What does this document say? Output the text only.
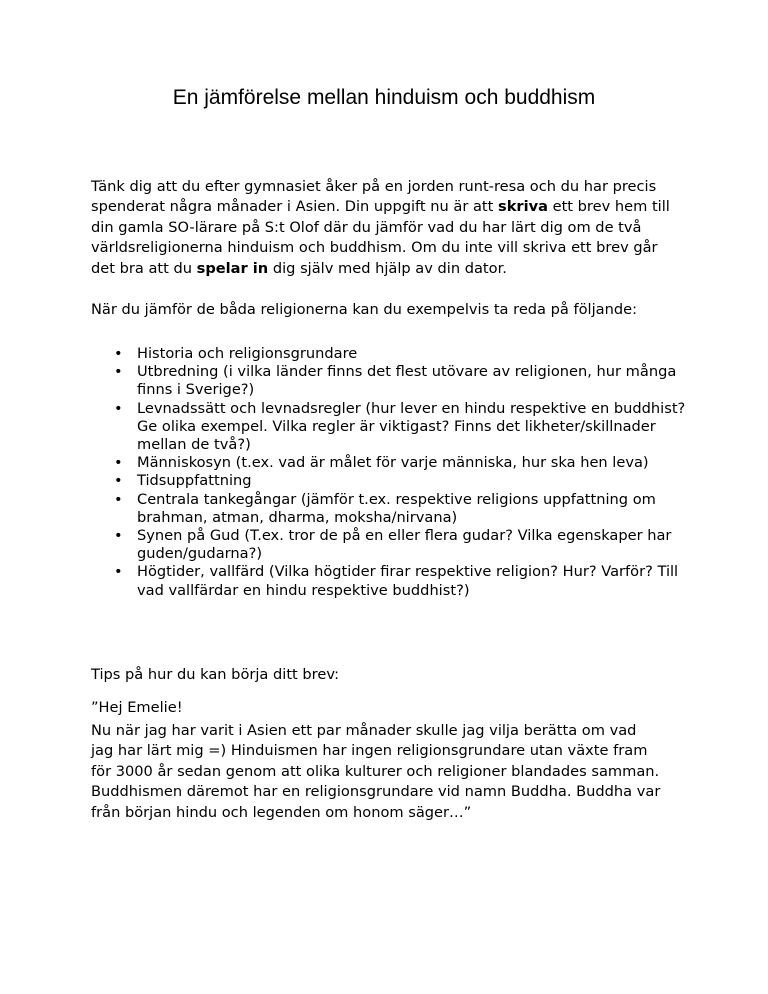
En jämförelse mellan hinduism och buddhism

Tänk dig att du efter gymnasiet åker på en jorden runt-resa och du har precis spenderat några månader i Asien. Din uppgift nu är att skriva ett brev hem till din gamla SO-lärare på S:t Olof där du jämför vad du har lärt dig om de två världsreligionerna hinduism och buddhism. Om du inte vill skriva ett brev går det bra att du spelar in dig själv med hjälp av din dator.

När du jämför de båda religionerna kan du exempelvis ta reda på följande:

• Historia och religionsgrundare
• Utbredning (i vilka länder finns det flest utövare av religionen, hur många finns i Sverige?)
• Levnadssätt och levnadsregler (hur lever en hindu respektive en buddhist? Ge olika exempel. Vilka regler är viktigast? Finns det likheter/skillnader mellan de två?)
• Människosyn (t.ex. vad är målet för varje människa, hur ska hen leva)
• Tidsuppfattning
• Centrala tankegångar (jämför t.ex. respektive religions uppfattning om brahman, atman, dharma, moksha/nirvana)
• Synen på Gud (T.ex. tror de på en eller flera gudar? Vilka egenskaper har guden/gudarna?)
• Högtider, vallfärd (Vilka högtider firar respektive religion? Hur? Varför? Till vad vallfärdar en hindu respektive buddhist?)

Tips på hur du kan börja ditt brev:

”Hej Emelie!

Nu när jag har varit i Asien ett par månader skulle jag vilja berätta om vad jag har lärt mig =) Hinduismen har ingen religionsgrundare utan växte fram för 3000 år sedan genom att olika kulturer och religioner blandades samman. Buddhismen däremot har en religionsgrundare vid namn Buddha. Buddha var från början hindu och legenden om honom säger…”
